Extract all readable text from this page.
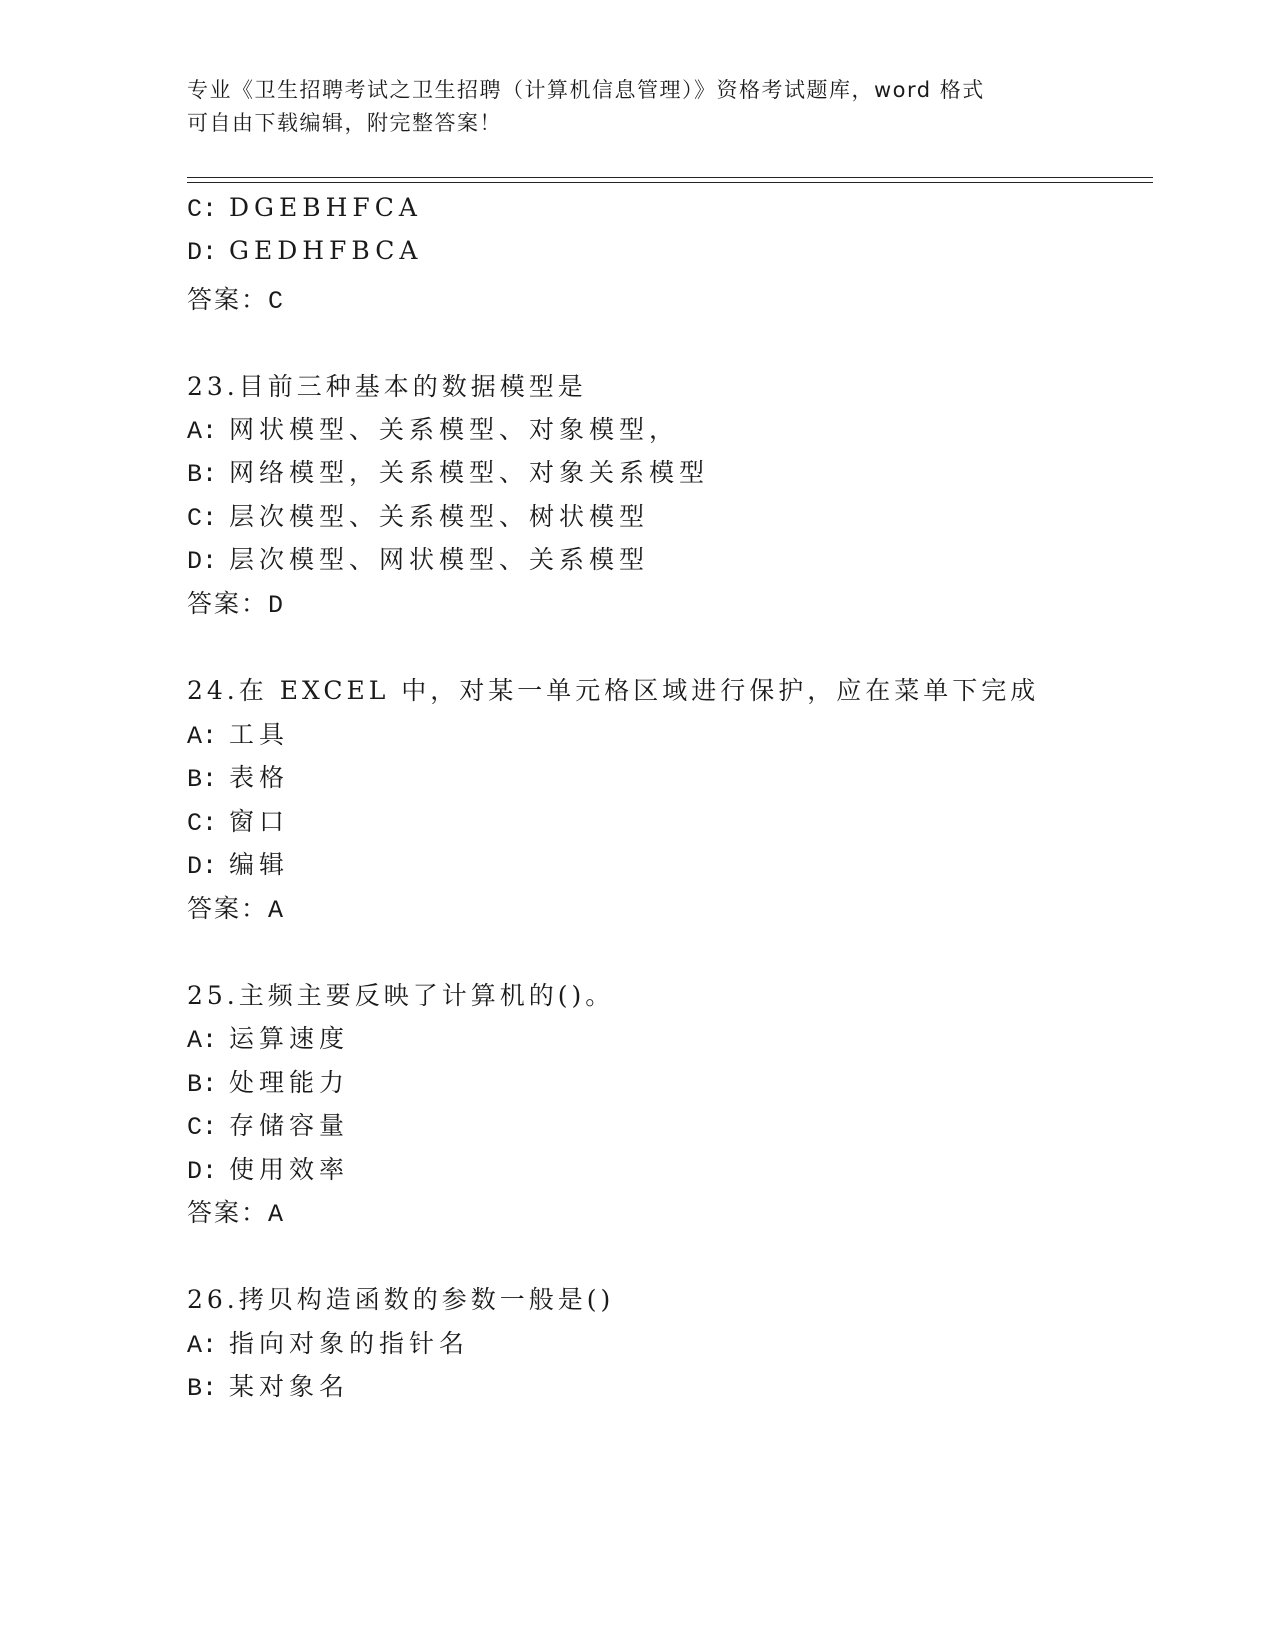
专业《卫生招聘考试之卫生招聘（计算机信息管理）》资格考试题库，word 格式
可自由下载编辑，附完整答案！
C: DGEBHFCA
D: GEDHFBCA
答案：C
23.目前三种基本的数据模型是
A: 网状模型、关系模型、对象模型，
B: 网络模型，关系模型、对象关系模型
C: 层次模型、关系模型、树状模型
D: 层次模型、网状模型、关系模型
答案：D
24.在 EXCEL 中，对某一单元格区域进行保护，应在菜单下完成
A: 工具
B: 表格
C: 窗口
D: 编辑
答案：A
25.主频主要反映了计算机的()。
A: 运算速度
B: 处理能力
C: 存储容量
D: 使用效率
答案：A
26.拷贝构造函数的参数一般是()
A: 指向对象的指针名
B: 某对象名
